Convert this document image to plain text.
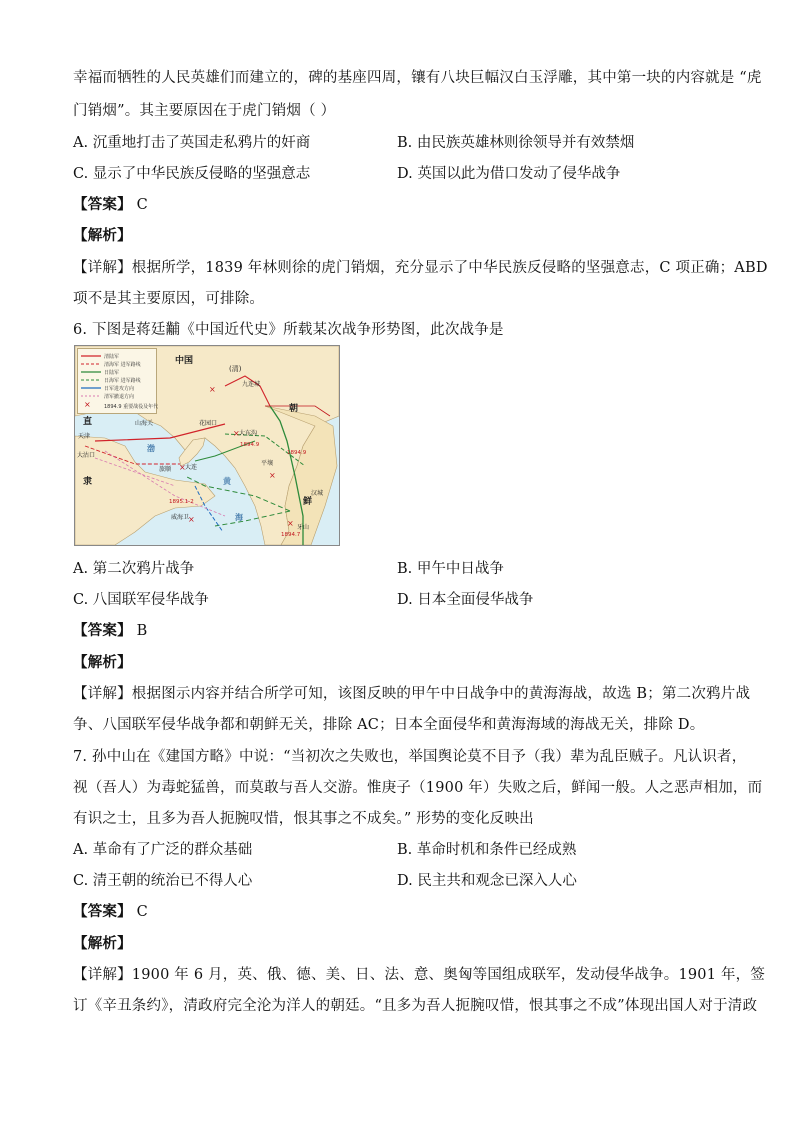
幸福而牺牲的人民英雄们而建立的，碑的基座四周，镶有八块巨幅汉白玉浮雕，其中第一块的内容就是 “虎
门销烟”。其主要原因在于虎门销烟（ ）
A. 沉重地打击了英国走私鸦片的奸商	B. 由民族英雄林则徐领导并有效禁烟
C. 显示了中华民族反侵略的坚强意志	D. 英国以此为借口发动了侵华战争
【答案】 C
【解析】
【详解】根据所学，1839 年林则徐的虎门销烟，充分显示了中华民族反侵略的坚强意志，C 项正确；ABD
项不是其主要原因，可排除。
6. 下图是蒋廷黼《中国近代史》所载某次战争形势图，此次战争是
×
×
×
×
×	×
×
清陆军
清海军 进军路线
日陆军
日海军 进军路线
日军进攻方向
清军撤退方向
1894.9 重要战役及年代
中国
(清)
九连城
朝
鲜
直
隶
天津
大沽口
山海关	花园口
旅顺 大连
渤
黄
海
威海卫
平壤
汉城
牙山
大东沟
1894.9
1894.9
1895.1-2
1894.7
A. 第二次鸦片战争	B. 甲午中日战争
C. 八国联军侵华战争	D. 日本全面侵华战争
【答案】 B
【解析】
【详解】根据图示内容并结合所学可知，该图反映的甲午中日战争中的黄海海战，故选 B；第二次鸦片战
争、八国联军侵华战争都和朝鲜无关，排除 AC；日本全面侵华和黄海海域的海战无关，排除 D。
7. 孙中山在《建国方略》中说：“当初次之失败也，举国舆论莫不目予（我）辈为乱臣贼子。凡认识者，
视（吾人）为毒蛇猛兽，而莫敢与吾人交游。惟庚子（1900 年）失败之后，鲜闻一般。人之恶声相加，而
有识之士，且多为吾人扼腕叹惜，恨其事之不成矣。” 形势的变化反映出
A. 革命有了广泛的群众基础	B. 革命时机和条件已经成熟
C. 清王朝的统治已不得人心	D. 民主共和观念已深入人心
【答案】 C
【解析】
【详解】1900 年 6 月，英、俄、德、美、日、法、意、奥匈等国组成联军，发动侵华战争。1901 年，签
订《辛丑条约》，清政府完全沦为洋人的朝廷。“且多为吾人扼腕叹惜，恨其事之不成”体现出国人对于清政
